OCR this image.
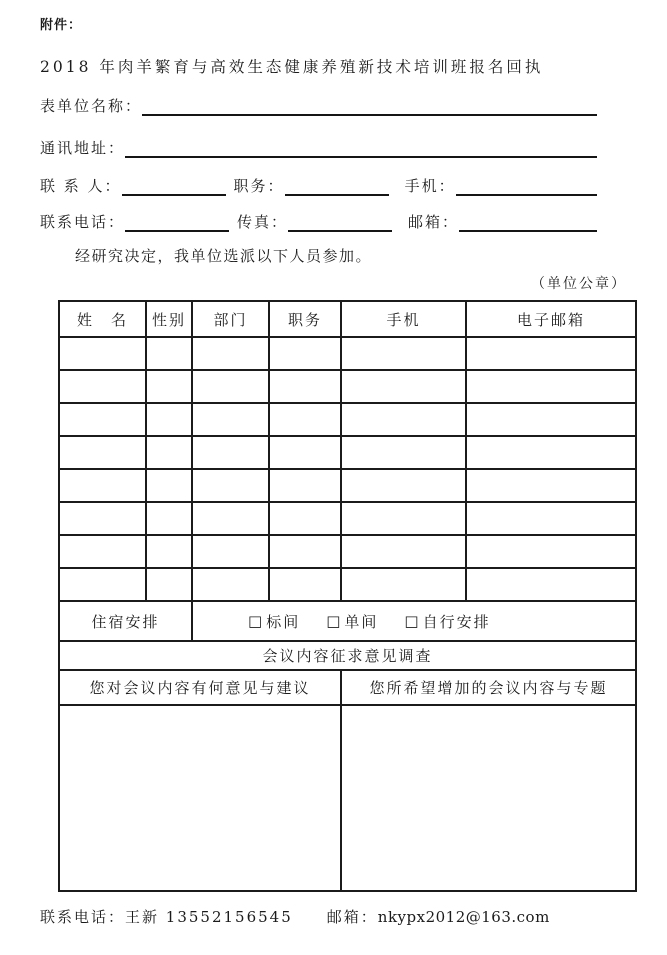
附件：
2018 年肉羊繁育与高效生态健康养殖新技术培训班报名回执
表单位名称：
通讯地址：
联 系 人：	职务：	手机：
联系电话：	传真：	邮箱：
经研究决定，我单位选派以下人员参加。
（单位公章）
姓　名	性别	部门	职务	手机	电子邮箱

住宿安排	□ 标间 □ 单间 □ 自行安排

会议内容征求意见调查					
您对会议内容有何意见与建议				您所希望增加的会议内容与专题	

联系电话：王新 13552156545 邮箱：nkypx2012@163.com
